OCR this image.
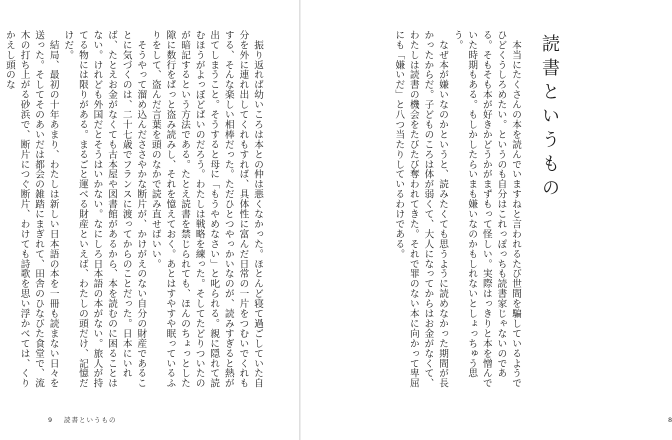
　振り返れば幼いころは本との仲は悪くなかった。ほとんど寝て過ごしていた自分を外に連れ出してくれもすれば、具体性に富んだ日常の一片をつむいでくれもする、そんな楽しい相棒だった。ただひとつやっかいなのが、読みすぎると熱が出てしまうこと。そうすると母に「もうやめなさい」と叱られる。親に隠れて読むほうがよっぽどばいのだろう。わたしは戦略を練った。そしてたどりついたのが暗記するという方法である。たとえ読書を禁じられても、ほんのちょっとした隙に数行をぱっと盗み読みし、それを憶えておく。あとはすやすや眠っているふりをして、盗んだ言葉を頭のなかで読み直せばいい。
　そうやって溜め込んだささやかな断片が、かけがえのない自分の財産であることに気づくのは、二十七歳でフランスに渡ってからのことだった。日本にいれば、たとえお金がなくても古本屋や図書館があるから、本を読むのに困ることはない。けれども外国だとそうはいかない。なにしろ日本語の本がない。旅人が持てる物には限りがある。まるごと運べる財産といえば、わたしの頭だけ、記憶だけだ。
　結局、最初の十年あまり、わたしは新しい日本語の本を一冊も読まない日々を送った。そしてそのあいだは都会の雑踏にまぎれて、田舎のひなびた食堂で、流木の打ち上がる砂浜で、断片につぐ断片、わけても詩歌を思い浮かべては、くりかえし頭のな
9 読書というもの
読書というもの
　本当にたくさんの本を読んでいますねと言われるたび世間を騙しているようでひどくうしろめたい。というのも自分はこれっぽっちも読書家じゃないのである。そもそも本が好きかどうかがまずもって怪しい。実際はっきりと本を憎んでいた時期もある。もしかしたらいまも嫌いなのかもしれないとしょっちゅう思う。
　なぜ本が嫌いなのかというと、読みたくても思うように読めなかった期間が長かったからだ。子どものころは体が弱くて、大人になってからはお金がなくて、わたしは読書の機会をたびたび奪われてきた。それで罪のない本に向かって卑屈にも「嫌いだ」と八つ当たりしているわけである。
8
